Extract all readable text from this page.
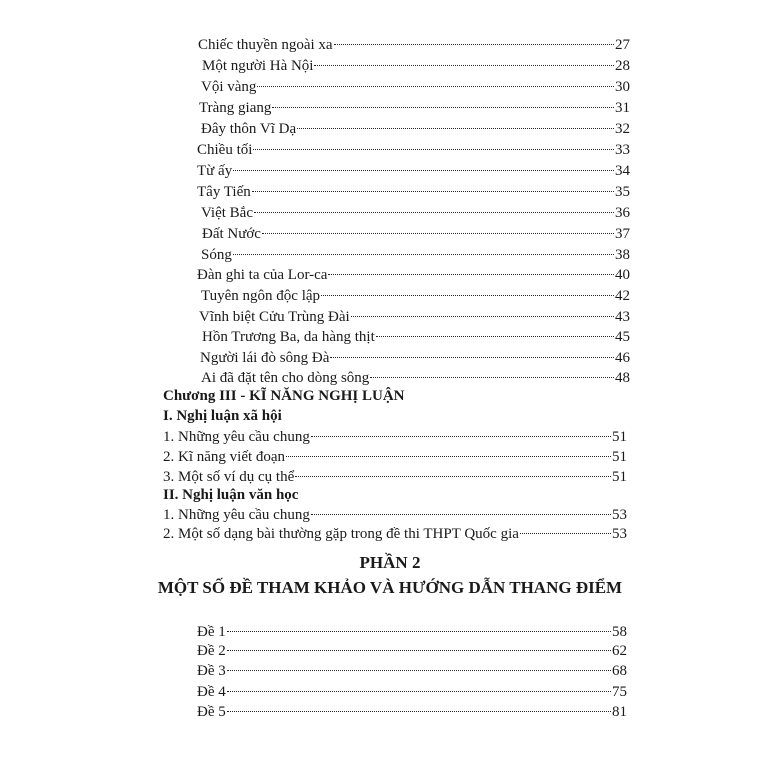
Chiếc thuyền ngoài xa	27
Một người Hà Nội	28
Vội vàng	30
Tràng giang	31
Đây thôn Vĩ Dạ	32
Chiều tối	33
Từ ấy	34
Tây Tiến	35
Việt Bắc	36
Đất Nước	37
Sóng	38
Đàn ghi ta của Lor-ca	40
Tuyên ngôn độc lập	42
Vĩnh biệt Cửu Trùng Đài	43
Hồn Trương Ba, da hàng thịt	45
Người lái đò sông Đà	46
Ai đã đặt tên cho dòng sông	48
Chương III - KĨ NĂNG NGHỊ LUẬN
I. Nghị luận xã hội
1. Những yêu cầu chung	51
2. Kĩ năng viết đoạn	51
3. Một số ví dụ cụ thể	51
II. Nghị luận văn học
1. Những yêu cầu chung	53
2. Một số dạng bài thường gặp trong đề thi THPT Quốc gia	53
PHẦN 2
MỘT SỐ ĐỀ THAM KHẢO VÀ HƯỚNG DẪN THANG ĐIỂM
Đề 1	58
Đề 2	62
Đề 3	68
Đề 4	75
Đề 5	81
